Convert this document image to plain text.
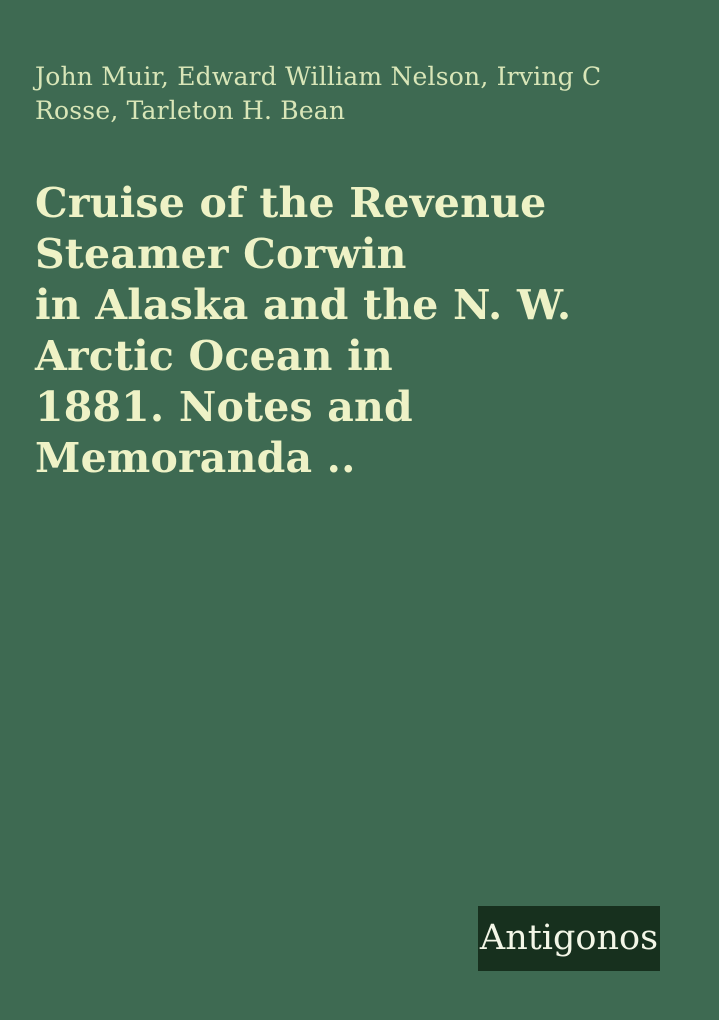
John Muir, Edward William Nelson, Irving C
Rosse, Tarleton H. Bean
Cruise of the Revenue Steamer Corwin
in Alaska and the N. W. Arctic Ocean in
1881. Notes and Memoranda ..
Antigonos
